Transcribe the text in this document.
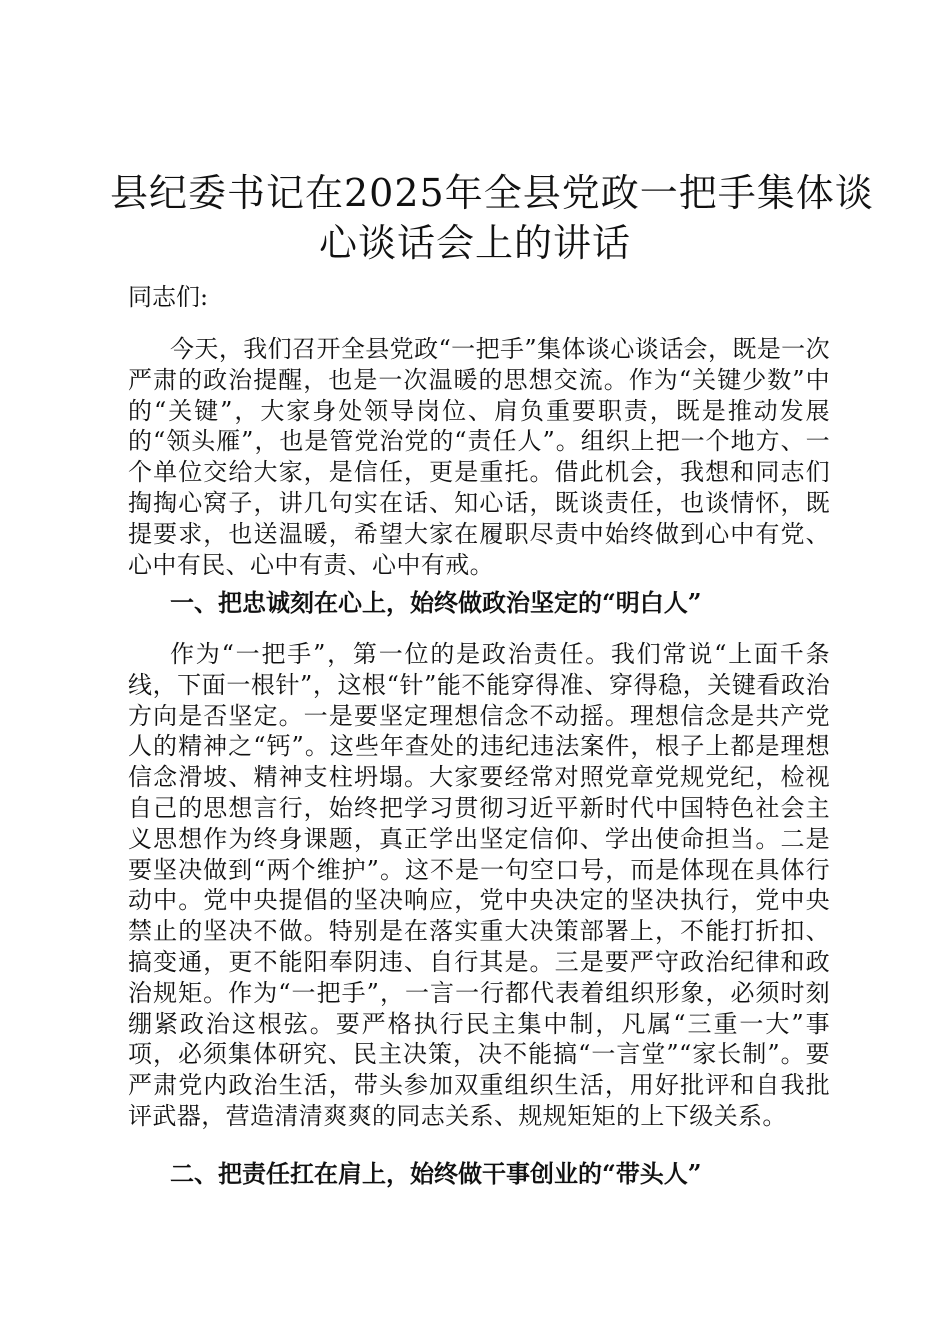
县纪委书记在2025年全县党政一把手集体谈
心谈话会上的讲话
同志们:
今天，我们召开全县党政“一把手”集体谈心谈话会，既是一次严肃的政治提醒，也是一次温暖的思想交流。作为“关键少数”中的“关键”，大家身处领导岗位、肩负重要职责，既是推动发展的“领头雁”，也是管党治党的“责任人”。组织上把一个地方、一个单位交给大家，是信任，更是重托。借此机会，我想和同志们掏掏心窝子，讲几句实在话、知心话，既谈责任，也谈情怀，既提要求，也送温暖，希望大家在履职尽责中始终做到心中有党、心中有民、心中有责、心中有戒。
一、把忠诚刻在心上，始终做政治坚定的“明白人”
作为“一把手”，第一位的是政治责任。我们常说“上面千条线，下面一根针”，这根“针”能不能穿得准、穿得稳，关键看政治方向是否坚定。一是要坚定理想信念不动摇。理想信念是共产党人的精神之“钙”。这些年查处的违纪违法案件，根子上都是理想信念滑坡、精神支柱坍塌。大家要经常对照党章党规党纪，检视自己的思想言行，始终把学习贯彻习近平新时代中国特色社会主义思想作为终身课题，真正学出坚定信仰、学出使命担当。二是要坚决做到“两个维护”。这不是一句空口号，而是体现在具体行动中。党中央提倡的坚决响应，党中央决定的坚决执行，党中央禁止的坚决不做。特别是在落实重大决策部署上，不能打折扣、搞变通，更不能阳奉阴违、自行其是。三是要严守政治纪律和政治规矩。作为“一把手”，一言一行都代表着组织形象，必须时刻绷紧政治这根弦。要严格执行民主集中制，凡属“三重一大”事项，必须集体研究、民主决策，决不能搞“一言堂”“家长制”。要严肃党内政治生活，带头参加双重组织生活，用好批评和自我批评武器，营造清清爽爽的同志关系、规规矩矩的上下级关系。
二、把责任扛在肩上，始终做干事创业的“带头人”
